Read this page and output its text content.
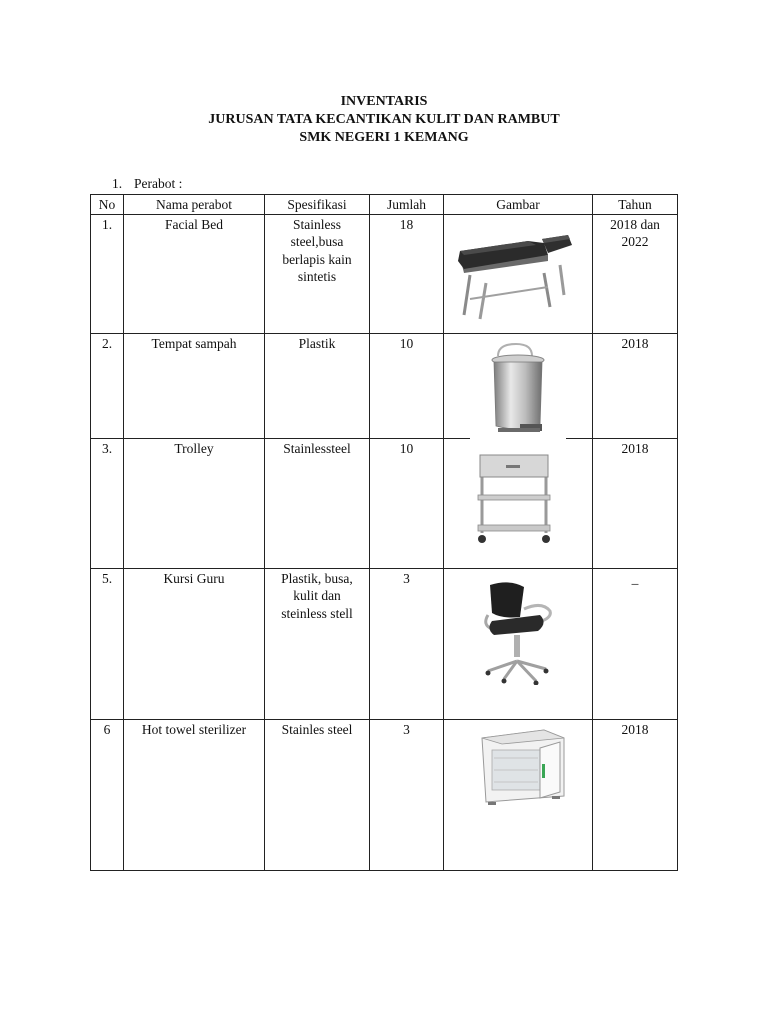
INVENTARIS
JURUSAN TATA KECANTIKAN KULIT DAN RAMBUT
SMK NEGERI 1 KEMANG
1. Perabot :
No	Nama perabot	Spesifikasi	Jumlah	Gambar	Tahun
1.	Facial Bed	Stainless steel,busa berlapis kain sintetis	18		2018 dan 2022
2.	Tempat sampah	Plastik	10		2018
3.	Trolley	Stainlessteel	10		2018
5.	Kursi Guru	Plastik, busa, kulit dan steinless stell	3		_
6	Hot towel sterilizer	Stainles steel	3		2018
